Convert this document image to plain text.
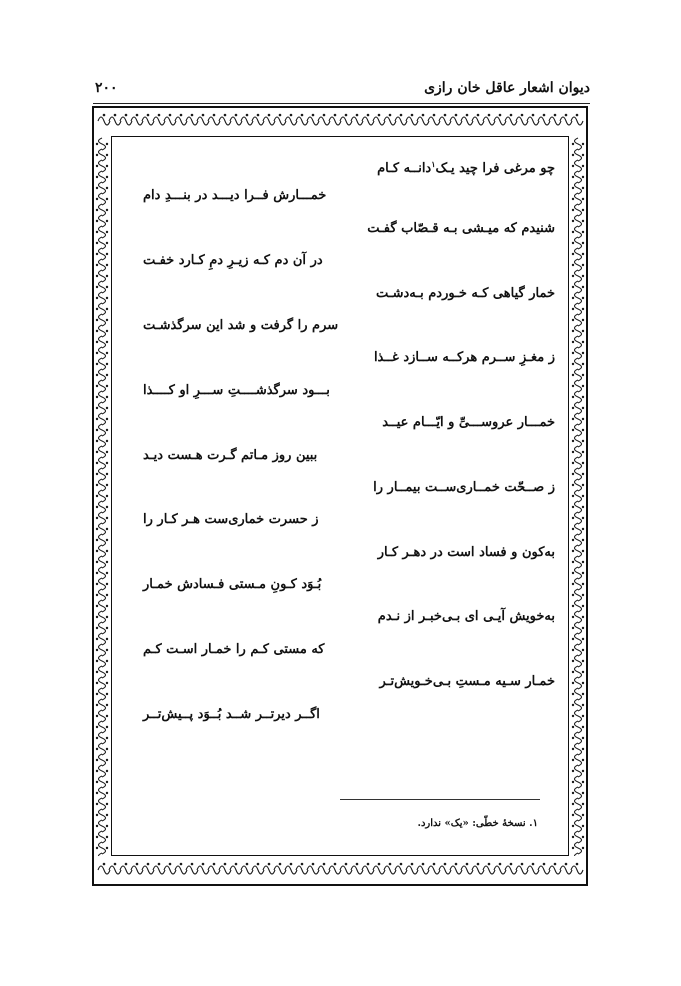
دیوان اشعار عاقل خان رازی
۲۰۰
چو مرغی فرا چید یـک$^۱$دانــه کـام
خمـــارش فــرا دیـــد در بنـــدِ دام
شنیدم که میـشی بـه قـصّاب گفـت
در آن دم کـه زیـرِ دمِ کـارد خفـت
خمار گیاهی کـه خـوردم بـه‌دشـت
سرم را گرفت و شد این سرگذشـت
ز مغـزِ ســرم هرکــه ســازد غــذا
بـــود سرگذشــــتِ ســـرِ او کــــذا
خمـــار عروســـیِّ و ایّـــام عیــد
ببین روز مـاتم گـرت هـست دیـد
ز صــحّت خمــاری‌ســت بیمــار را
ز حسرت خماری‌ست هـر کـار را
به‌کون و فساد است در دهـر کـار
بُـوَد کـونِ مـستی فـسادش خمـار
به‌خویش آیـی ای بـی‌خبـر از نـدم
که مستی کـم را خمـار اسـت کـم
خمـار سـیه مـستِ بـی‌خـویش‌تـر
اگــر دیرتــر شــد بُــوَد پــیش‌تــر
۱. نسخهٔ خطّی: «یک» ندارد.
